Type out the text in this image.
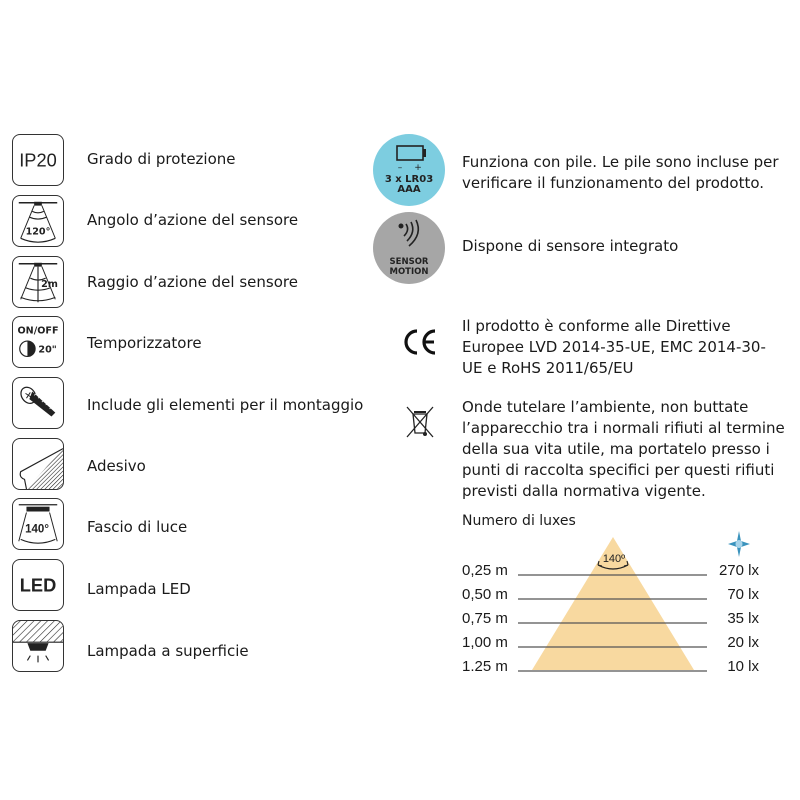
IP20 Grado di protezione
120°
Angolo d’azione del sensore
2m Raggio d’azione del sensore
ON/OFF
20" Temporizzatore
Include gli elementi per il montaggio
Adesivo
140°	Fascio di luce
LED Lampada LED
Lampada a superficie
– +
3 x LR03
AAA
Funziona con pile. Le pile sono incluse per
verificare il funzionamento del prodotto.
SENSOR
MOTION
Dispone di sensore integrato
Il prodotto è conforme alle Direttive
Europee LVD 2014-35-UE, EMC 2014-30-
UE e RoHS 2011/65/EU
Onde tutelare l’ambiente, non buttate
l’apparecchio tra i normali rifiuti al termine
della sua vita utile, ma portatelo presso i
punti di raccolta specifici per questi rifiuti
previsti dalla normativa vigente.
Numero di luxes
140º
0,25 m
0,50 m
0,75 m
1,00 m
1.25 m
270 lx
70 lx
35 lx
20 lx
10 lx
